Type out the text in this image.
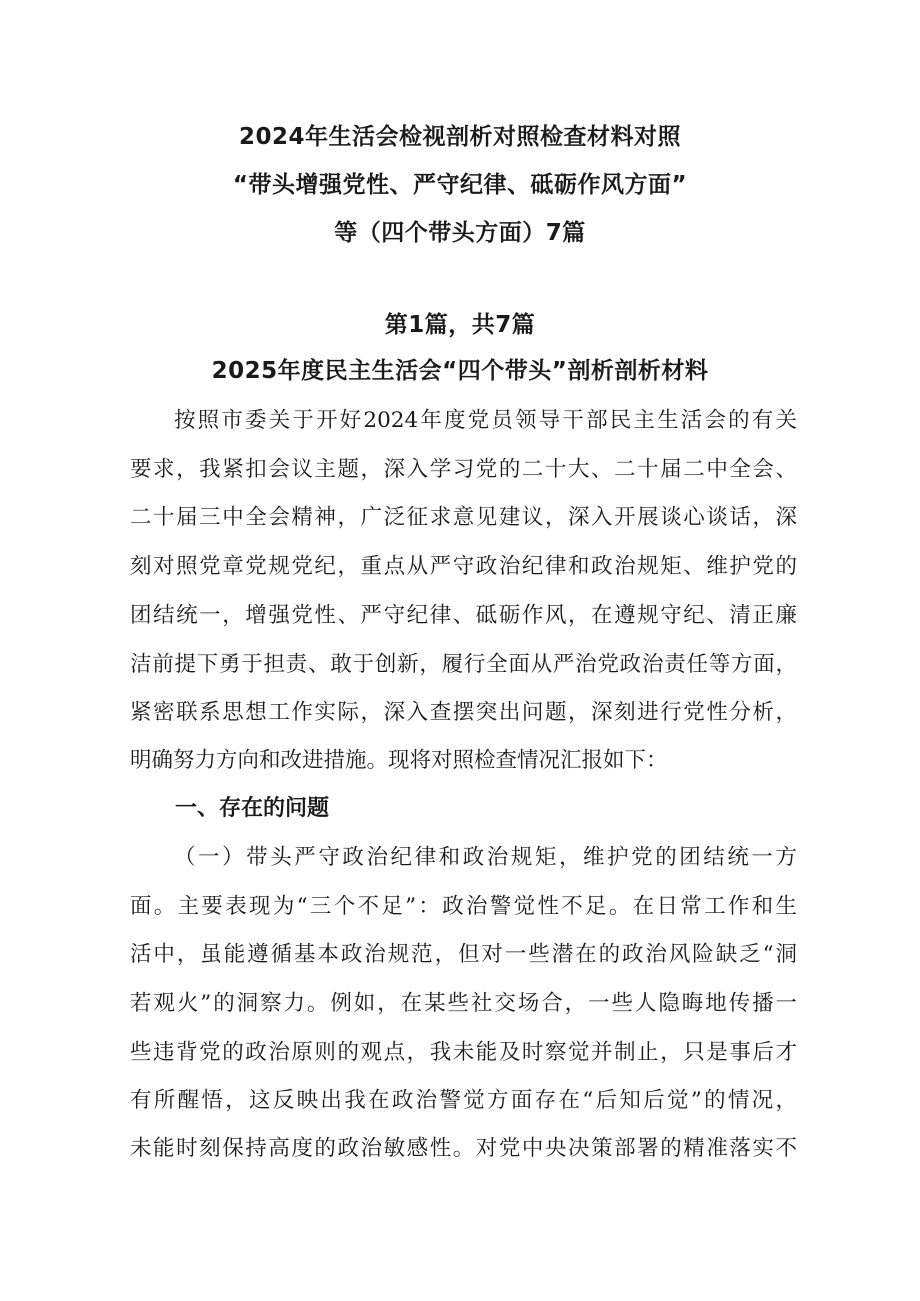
2024年生活会检视剖析对照检查材料对照
“带头增强党性、严守纪律、砥砺作风方面”
等（四个带头方面）7篇
第1篇，共7篇
2025年度民主生活会“四个带头”剖析剖析材料
按照市委关于开好2024年度党员领导干部民主生活会的有关
要求，我紧扣会议主题，深入学习党的二十大、二十届二中全会、
二十届三中全会精神，广泛征求意见建议，深入开展谈心谈话，深
刻对照党章党规党纪，重点从严守政治纪律和政治规矩、维护党的
团结统一，增强党性、严守纪律、砥砺作风，在遵规守纪、清正廉
洁前提下勇于担责、敢于创新，履行全面从严治党政治责任等方面，
紧密联系思想工作实际，深入查摆突出问题，深刻进行党性分析，
明确努力方向和改进措施。现将对照检查情况汇报如下：
一、存在的问题
（一）带头严守政治纪律和政治规矩，维护党的团结统一方
面。主要表现为“三个不足”：政治警觉性不足。在日常工作和生
活中，虽能遵循基本政治规范，但对一些潜在的政治风险缺乏“洞
若观火”的洞察力。例如，在某些社交场合，一些人隐晦地传播一
些违背党的政治原则的观点，我未能及时察觉并制止，只是事后才
有所醒悟，这反映出我在政治警觉方面存在“后知后觉”的情况，
未能时刻保持高度的政治敏感性。对党中央决策部署的精准落实不
